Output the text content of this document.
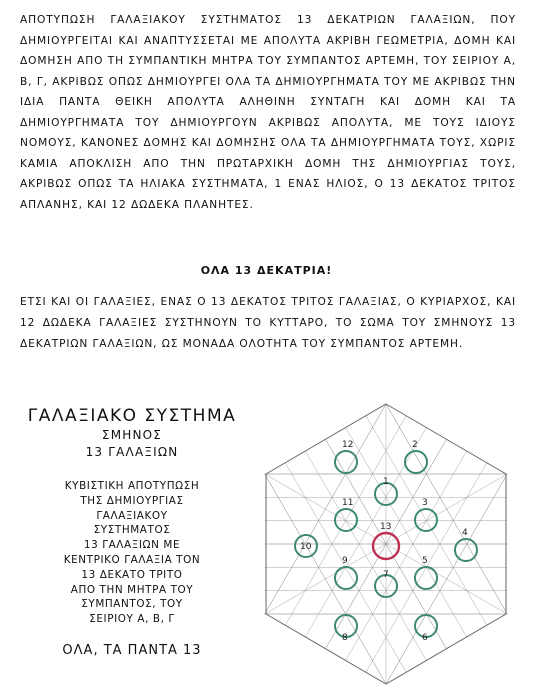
ΑΠΟΤΥΠΩΣΗ ΓΑΛΑΞΙΑΚΟΥ ΣΥΣΤΗΜΑΤΟΣ 13 ΔΕΚΑΤΡΙΩΝ ΓΑΛΑΞΙΩΝ, ΠΟΥ ΔΗΜΙΟΥΡΓΕΙΤΑΙ ΚΑΙ ΑΝΑΠΤΥΣΣΕΤΑΙ ΜΕ ΑΠΟΛΥΤΑ ΑΚΡΙΒΗ ΓΕΩΜΕΤΡΙΑ, ΔΟΜΗ ΚΑΙ ΔΟΜΗΣΗ ΑΠΟ ΤΗ ΣΥΜΠΑΝΤΙΚΗ ΜΗΤΡΑ ΤΟΥ ΣΥΜΠΑΝΤΟΣ ΑΡΤΕΜΗ, ΤΟΥ ΣΕΙΡΙΟΥ Α, Β, Γ, ΑΚΡΙΒΩΣ ΟΠΩΣ ΔΗΜΙΟΥΡΓΕΙ ΟΛΑ ΤΑ ΔΗΜΙΟΥΡΓΗΜΑΤΑ ΤΟΥ ΜΕ ΑΚΡΙΒΩΣ ΤΗΝ ΙΔΙΑ ΠΑΝΤΑ ΘΕΙΚΗ ΑΠΟΛΥΤΑ ΑΛΗΘΙΝΗ ΣΥΝΤΑΓΗ ΚΑΙ ΔΟΜΗ ΚΑΙ ΤΑ ΔΗΜΙΟΥΡΓΗΜΑΤΑ ΤΟΥ ΔΗΜΙΟΥΡΓΟΥΝ ΑΚΡΙΒΩΣ ΑΠΟΛΥΤΑ, ΜΕ ΤΟΥΣ ΙΔΙΟΥΣ ΝΟΜΟΥΣ, ΚΑΝΟΝΕΣ ΔΟΜΗΣ ΚΑΙ ΔΟΜΗΣΗΣ ΟΛΑ ΤΑ ΔΗΜΙΟΥΡΓΗΜΑΤΑ ΤΟΥΣ, ΧΩΡΙΣ ΚΑΜΙΑ ΑΠΟΚΛΙΣΗ ΑΠΟ ΤΗΝ ΠΡΩΤΑΡΧΙΚΗ ΔΟΜΗ ΤΗΣ ΔΗΜΙΟΥΡΓΙΑΣ ΤΟΥΣ, ΑΚΡΙΒΩΣ ΟΠΩΣ ΤΑ ΗΛΙΑΚΑ ΣΥΣΤΗΜΑΤΑ, 1 ΕΝΑΣ ΗΛΙΟΣ, Ο 13 ΔΕΚΑΤΟΣ ΤΡΙΤΟΣ ΑΠΛΑΝΗΣ, ΚΑΙ 12 ΔΩΔΕΚΑ ΠΛΑΝΗΤΕΣ.

ΟΛΑ 13 ΔΕΚΑΤΡΙΑ!

ΕΤΣΙ ΚΑΙ ΟΙ ΓΑΛΑΞΙΕΣ, ΕΝΑΣ Ο 13 ΔΕΚΑΤΟΣ ΤΡΙΤΟΣ ΓΑΛΑΞΙΑΣ, Ο ΚΥΡΙΑΡΧΟΣ, ΚΑΙ 12 ΔΩΔΕΚΑ ΓΑΛΑΞΙΕΣ ΣΥΣΤΗΝΟΥΝ ΤΟ ΚΥΤΤΑΡΟ, ΤΟ ΣΩΜΑ ΤΟΥ ΣΜΗΝΟΥΣ 13 ΔΕΚΑΤΡΙΩΝ ΓΑΛΑΞΙΩΝ, ΩΣ ΜΟΝΑΔΑ ΟΛΟΤΗΤΑ ΤΟΥ ΣΥΜΠΑΝΤΟΣ ΑΡΤΕΜΗ.

ΓΑΛΑΞΙΑΚΟ ΣΥΣΤΗΜΑ
ΣΜΗΝΟΣ
13 ΓΑΛΑΞΙΩΝ
ΚΥΒΙΣΤΙΚΗ ΑΠΟΤΥΠΩΣΗ
ΤΗΣ ΔΗΜΙΟΥΡΓΙΑΣ
ΓΑΛΑΞΙΑΚΟΥ
ΣΥΣΤΗΜΑΤΟΣ
13 ΓΑΛΑΞΙΩΝ ΜΕ
ΚΕΝΤΡΙΚΟ ΓΑΛΑΞΙΑ ΤΟΝ
13 ΔΕΚΑΤΟ ΤΡΙΤΟ
ΑΠΟ ΤΗΝ ΜΗΤΡΑ ΤΟΥ
ΣΥΜΠΑΝΤΟΣ, ΤΟΥ
ΣΕΙΡΙΟΥ Α, Β, Γ
ΟΛΑ, ΤΑ ΠΑΝΤΑ 13
1
2
3
4
5
6
7
8
9
10
11
12
13
